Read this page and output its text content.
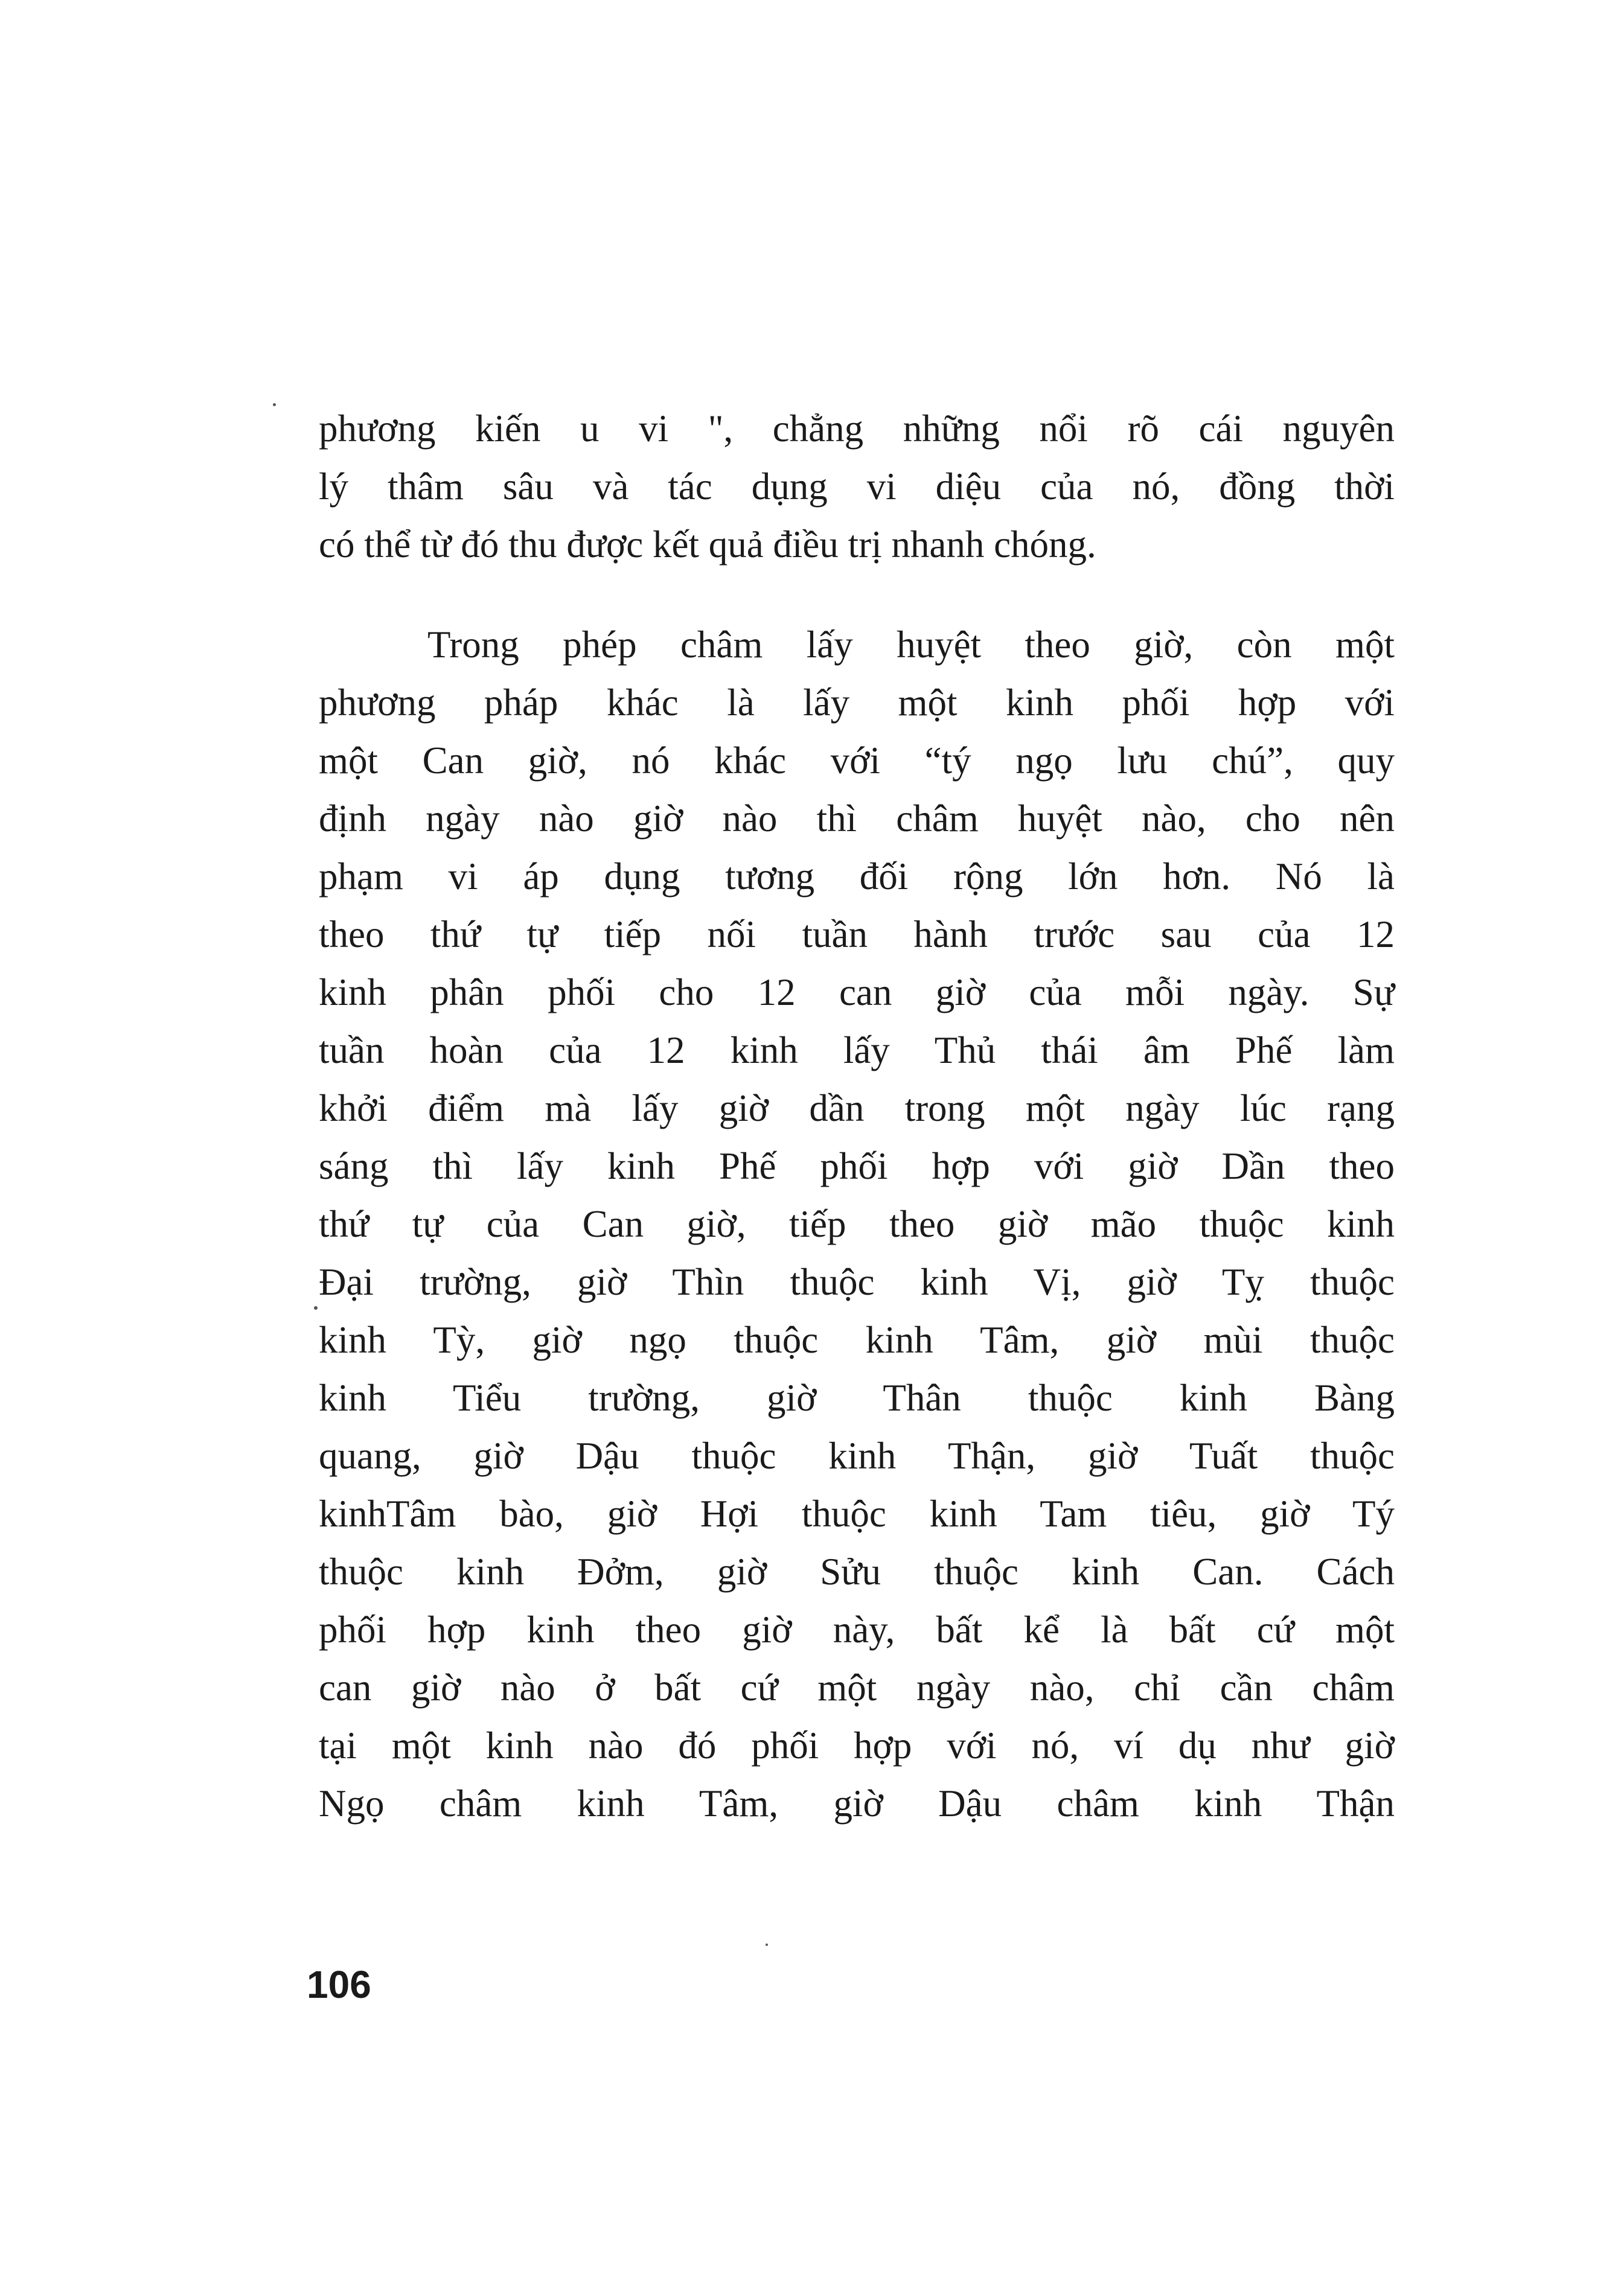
phương kiến u vi ", chẳng những nổi rõ cái nguyên
lý thâm sâu và tác dụng vi diệu của nó, đồng thời
có thể từ đó thu được kết quả điều trị nhanh chóng.
Trong phép châm lấy huyệt theo giờ, còn một
phương pháp khác là lấy một kinh phối hợp với
một Can giờ, nó khác với “tý ngọ lưu chú”, quy
định ngày nào giờ nào thì châm huyệt nào, cho nên
phạm vi áp dụng tương đối rộng lớn hơn. Nó là
theo thứ tự tiếp nối tuần hành trước sau của 12
kinh phân phối cho 12 can giờ của mỗi ngày. Sự
tuần hoàn của 12 kinh lấy Thủ thái âm Phế làm
khởi điểm mà lấy giờ dần trong một ngày lúc rạng
sáng thì lấy kinh Phế phối hợp với giờ Dần theo
thứ tự của Can giờ, tiếp theo giờ mão thuộc kinh
Đại trường, giờ Thìn thuộc kinh Vị, giờ Tỵ thuộc
kinh Tỳ, giờ ngọ thuộc kinh Tâm, giờ mùi thuộc
kinh Tiểu trường, giờ Thân thuộc kinh Bàng
quang, giờ Dậu thuộc kinh Thận, giờ Tuất thuộc
kinhTâm bào, giờ Hợi thuộc kinh Tam tiêu, giờ Tý
thuộc kinh Đởm, giờ Sửu thuộc kinh Can. Cách
phối hợp kinh theo giờ này, bất kể là bất cứ một
can giờ nào ở bất cứ một ngày nào, chỉ cần châm
tại một kinh nào đó phối hợp với nó, ví dụ như giờ
Ngọ châm kinh Tâm, giờ Dậu châm kinh Thận
106
